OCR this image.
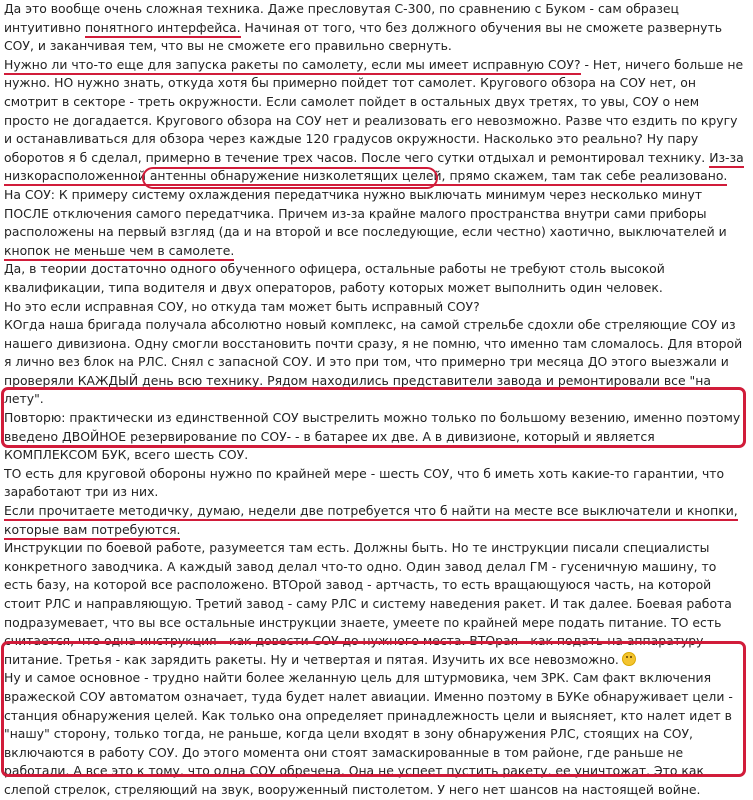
Да это вообще очень сложная техника. Даже пресловутая С-300, по сравнению с Буком - сам образец интуитивно понятного интерфейса. Начиная от того, что без должного обучения вы не сможете развернуть СОУ, и заканчивая тем, что вы не сможете его правильно свернуть.

Нужно ли что-то еще для запуска ракеты по самолету, если мы имеет исправную СОУ? - Нет, ничего больше не нужно. НО нужно знать, откуда хотя бы примерно пойдет тот самолет. Кругового обзора на СОУ нет, он смотрит в секторе - треть окружности. Если самолет пойдет в остальных двух третях, то увы, СОУ о нем просто не догадается. Кругового обзора на СОУ нет и реализовать его невозможно. Разве что ездить по кругу и останавливаться для обзора через каждые 120 градусов окружности. Насколько это реально? Ну пару оборотов я б сделал, примерно в течение трех часов. После чего сутки отдыхал и ремонтировал технику. Из-за низкорасположенной антенны обнаружение низколетящих целей, прямо скажем, там так себе реализовано.

На СОУ: К примеру систему охлаждения передатчика нужно выключать минимум через несколько минут ПОСЛЕ отключения самого передатчика. Причем из-за крайне малого пространства внутри сами приборы расположены на первый взгляд (да и на второй и все последующие, если честно) хаотично, выключателей и кнопок не меньше чем в самолете.

Да, в теории достаточно одного обученного офицера, остальные работы не требуют столь высокой квалификации, типа водителя и двух операторов, работу которых может выполнить один человек.

Но это если исправная СОУ, но откуда там может быть исправный СОУ?

КОгда наша бригада получала абсолютно новый комплекс, на самой стрельбе сдохли обе стреляющие СОУ из нашего дивизиона. Одну смогли восстановить почти сразу, я не помню, что именно там сломалось. Для второй я лично вез блок на РЛС. Снял с запасной СОУ. И это при том, что примерно три месяца ДО этого выезжали и проверяли КАЖДЫЙ день всю технику. Рядом находились представители завода и ремонтировали все "на лету".

Повторю: практически из единственной СОУ выстрелить можно только по большому везению, именно поэтому введено ДВОЙНОЕ резервирование по СОУ- - в батарее их две. А в дивизионе, который и является КОМПЛЕКСОМ БУК, всего шесть СОУ.

ТО есть для круговой обороны нужно по крайней мере - шесть СОУ, что б иметь хоть какие-то гарантии, что заработают три из них.

Если прочитаете методичку, думаю, недели две потребуется что б найти на месте все выключатели и кнопки, которые вам потребуются.

Инструкции по боевой работе, разумеется там есть. Должны быть. Но те инструкции писали специалисты конкретного заводчика. А каждый завод делал что-то одно. Один завод делал ГМ - гусеничную машину, то есть базу, на которой все расположено. ВТОрой завод - артчасть, то есть вращающуюся часть, на которой стоит РЛС и направляющую. Третий завод - саму РЛС и систему наведения ракет. И так далее. Боевая работа подразумевает, что вы все остальные инструкции знаете, умеете по крайней мере подать питание. ТО есть считается, что одна инструкция - как довести СОУ до нужного места. ВТОрая - как подать на аппаратуру питание. Третья - как зарядить ракеты. Ну и четвертая и пятая. Изучить их все невозможно.

Ну и самое основное - трудно найти более желанную цель для штурмовика, чем ЗРК. Сам факт включения вражеской СОУ автоматом означает, туда будет налет авиации. Именно поэтому в БУКе обнаруживает цели - станция обнаружения целей. Как только она определяет принадлежность цели и выясняет, кто налет идет в "нашу" сторону, только тогда, не раньше, когда цели входят в зону обнаружения РЛС, стоящих на СОУ, включаются в работу СОУ. До этого момента они стоят замаскированные в том районе, где раньше не работали. А все это к тому, что одна СОУ обречена. Она не успеет пустить ракету, ее уничтожат. Это как слепой стрелок, стреляющий на звук, вооруженный пистолетом. У него нет шансов на настоящей войне.
